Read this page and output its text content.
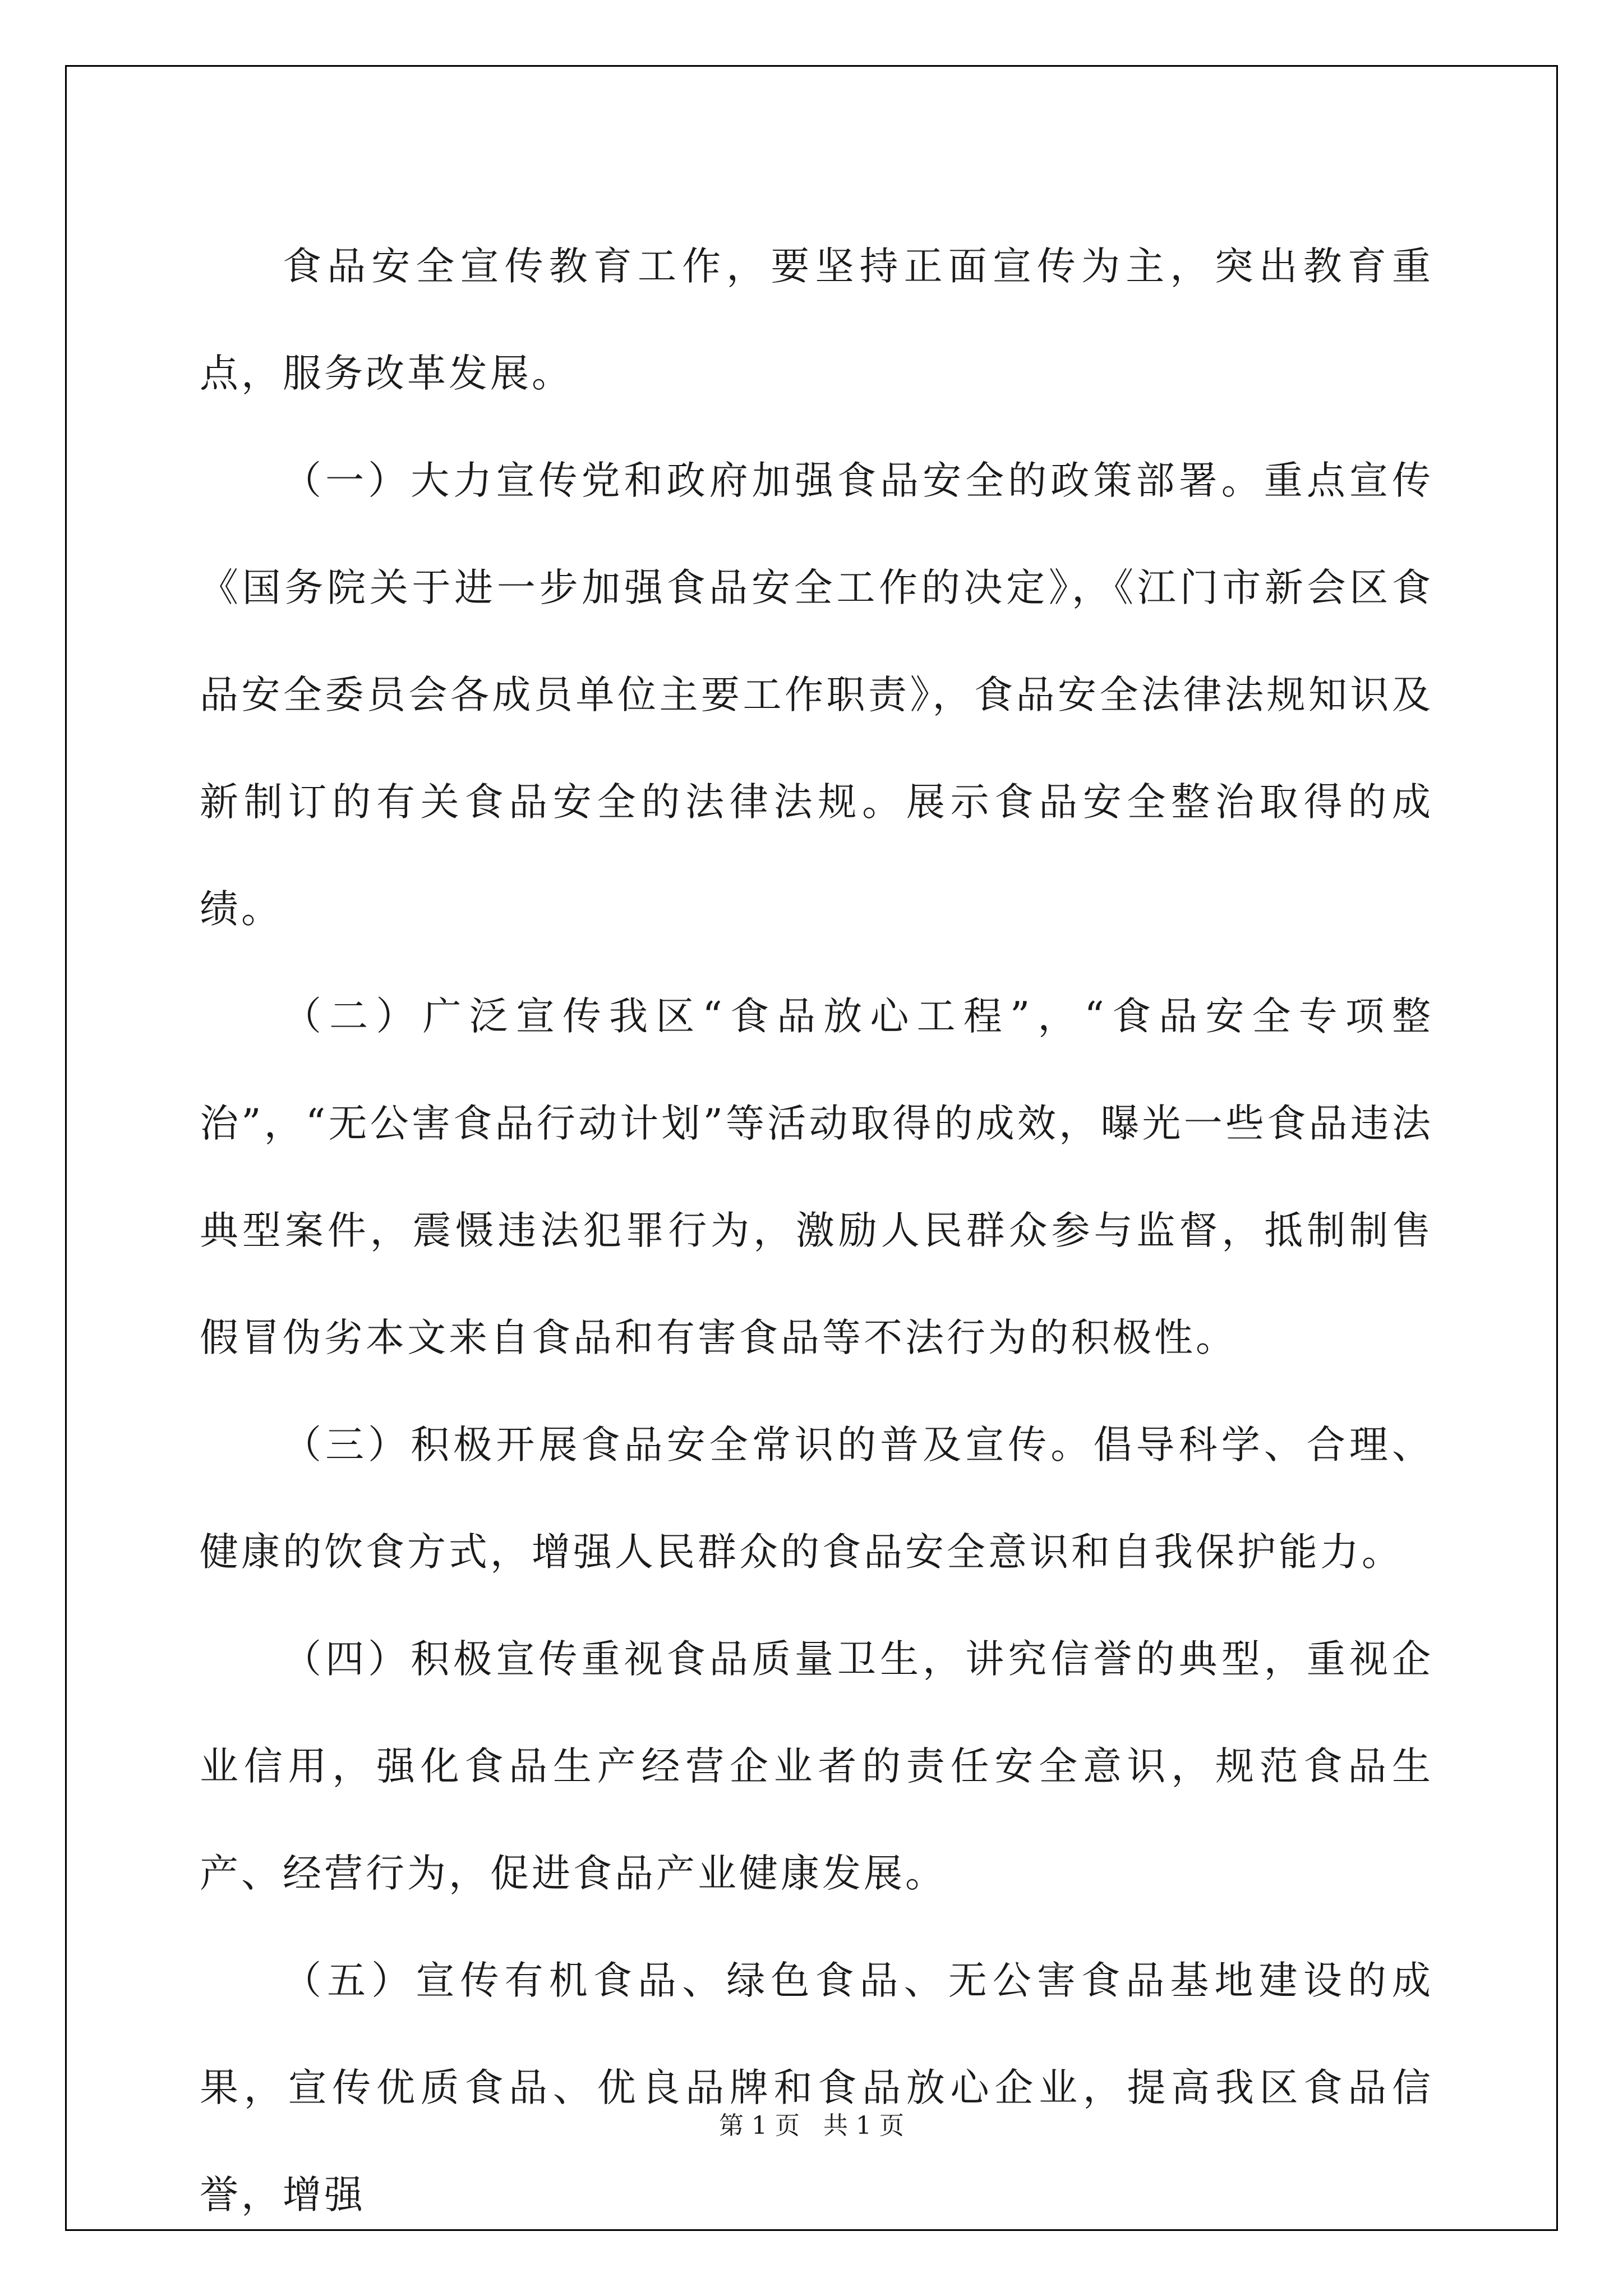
食品安全宣传教育工作，要坚持正面宣传为主，突出教育重点，服务改革发展。

（一）大力宣传党和政府加强食品安全的政策部署。重点宣传《国务院关于进一步加强食品安全工作的决定》，《江门市新会区食品安全委员会各成员单位主要工作职责》，食品安全法律法规知识及新制订的有关食品安全的法律法规。展示食品安全整治取得的成绩。

（二）广泛宣传我区“食品放心工程”，“食品安全专项整治”，“无公害食品行动计划”等活动取得的成效，曝光一些食品违法典型案件，震慑违法犯罪行为，激励人民群众参与监督，抵制制售假冒伪劣本文来自食品和有害食品等不法行为的积极性。

（三）积极开展食品安全常识的普及宣传。倡导科学、合理、健康的饮食方式，增强人民群众的食品安全意识和自我保护能力。

（四）积极宣传重视食品质量卫生，讲究信誉的典型，重视企业信用，强化食品生产经营企业者的责任安全意识，规范食品生产、经营行为，促进食品产业健康发展。

（五）宣传有机食品、绿色食品、无公害食品基地建设的成果，宣传优质食品、优良品牌和食品放心企业，提高我区食品信誉，增强

第 1 页   共 1 页
